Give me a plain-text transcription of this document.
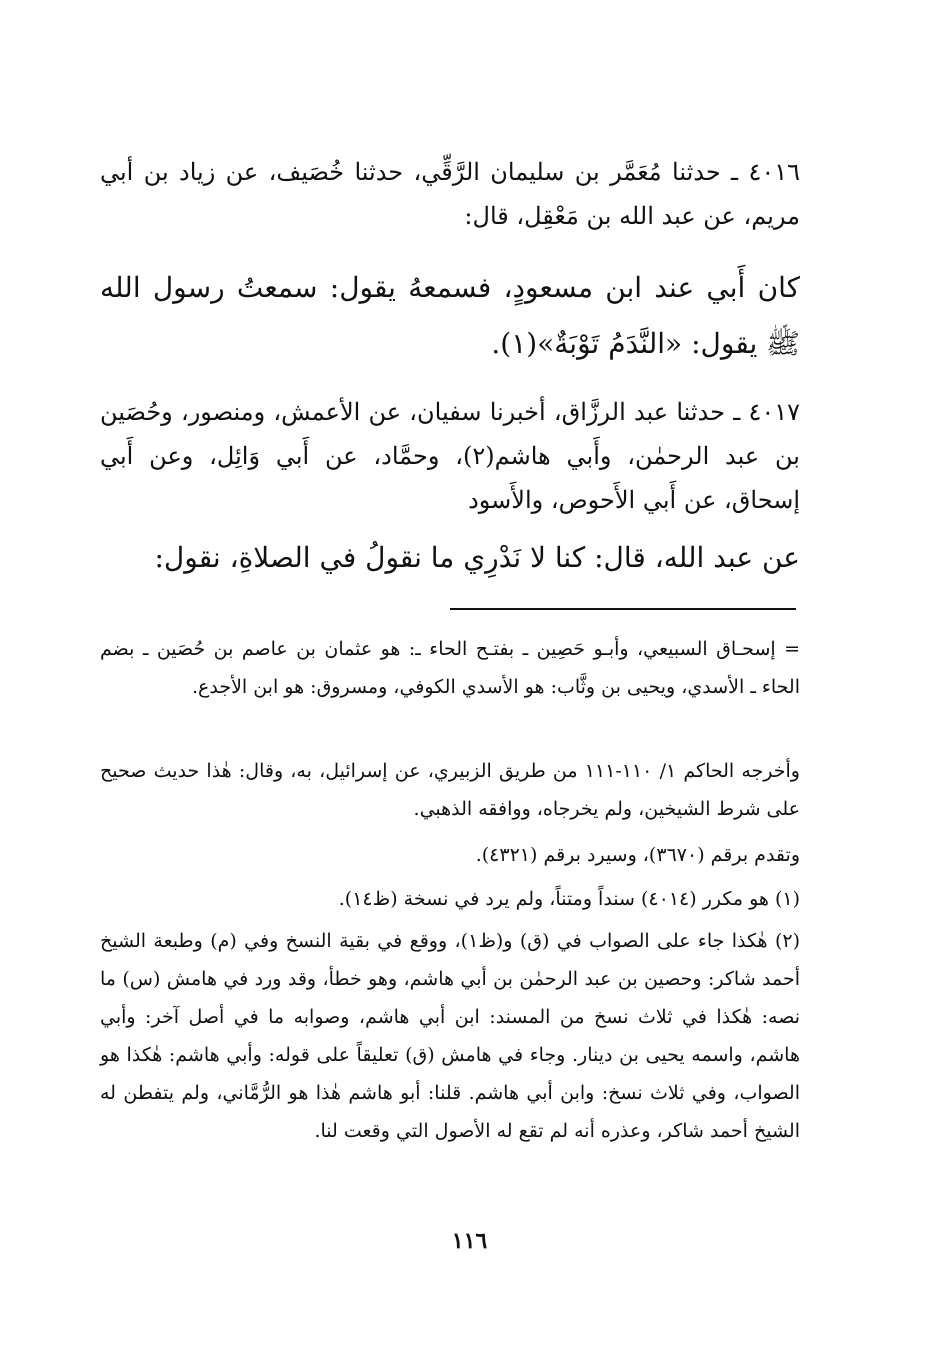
٤٠١٦ ـ حدثنا مُعَمَّر بن سليمان الرَّقِّي، حدثنا خُصَيف، عن زياد بن أبي مريم، عن عبد الله بن مَعْقِل، قال:

كان أَبي عند ابن مسعودٍ، فسمعهُ يقول: سمعتُ رسول الله ﷺ يقول: «النَّدَمُ تَوْبَةٌ»(١).

٤٠١٧ ـ حدثنا عبد الرزَّاق، أخبرنا سفيان، عن الأعمش، ومنصور، وحُصَين بن عبد الرحمٰن، وأَبي هاشم(٢)، وحمَّاد، عن أَبي وَائِل، وعن أَبي إسحاق، عن أَبي الأَحوص، والأَسود

عن عبد الله، قال: كنا لا نَدْرِي ما نقولُ في الصلاةِ، نقول:

= إسحـاق السبيعي، وأبـو حَصِين ـ بفتـح الحاء ـ: هو عثمان بن عاصم بن حُصَين ـ بضم الحاء ـ الأسدي، ويحيى بن وثَّاب: هو الأسدي الكوفي، ومسروق: هو ابن الأجدع.

وأخرجه الحاكم ١/ ١١٠-١١١ من طريق الزبيري، عن إسرائيل، به، وقال: هٰذا حديث صحيح على شرط الشيخين، ولم يخرجاه، ووافقه الذهبي.

وتقدم برقم (٣٦٧٠)، وسيرد برقم (٤٣٢١).

(١) هو مكرر (٤٠١٤) سنداً ومتناً، ولم يرد في نسخة (ظ١٤).

(٢) هٰكذا جاء على الصواب في (ق) و(ظ١)، ووقع في بقية النسخ وفي (م) وطبعة الشيخ أحمد شاكر: وحصين بن عبد الرحمٰن بن أبي هاشم، وهو خطأ، وقد ورد في هامش (س) ما نصه: هٰكذا في ثلاث نسخ من المسند: ابن أبي هاشم، وصوابه ما في أصل آخر: وأبي هاشم، واسمه يحيى بن دينار. وجاء في هامش (ق) تعليقاً على قوله: وأبي هاشم: هٰكذا هو الصواب، وفي ثلاث نسخ: وابن أبي هاشم. قلنا: أبو هاشم هٰذا هو الرُّمَّاني، ولم يتفطن له الشيخ أحمد شاكر، وعذره أنه لم تقع له الأصول التي وقعت لنا.

١١٦
